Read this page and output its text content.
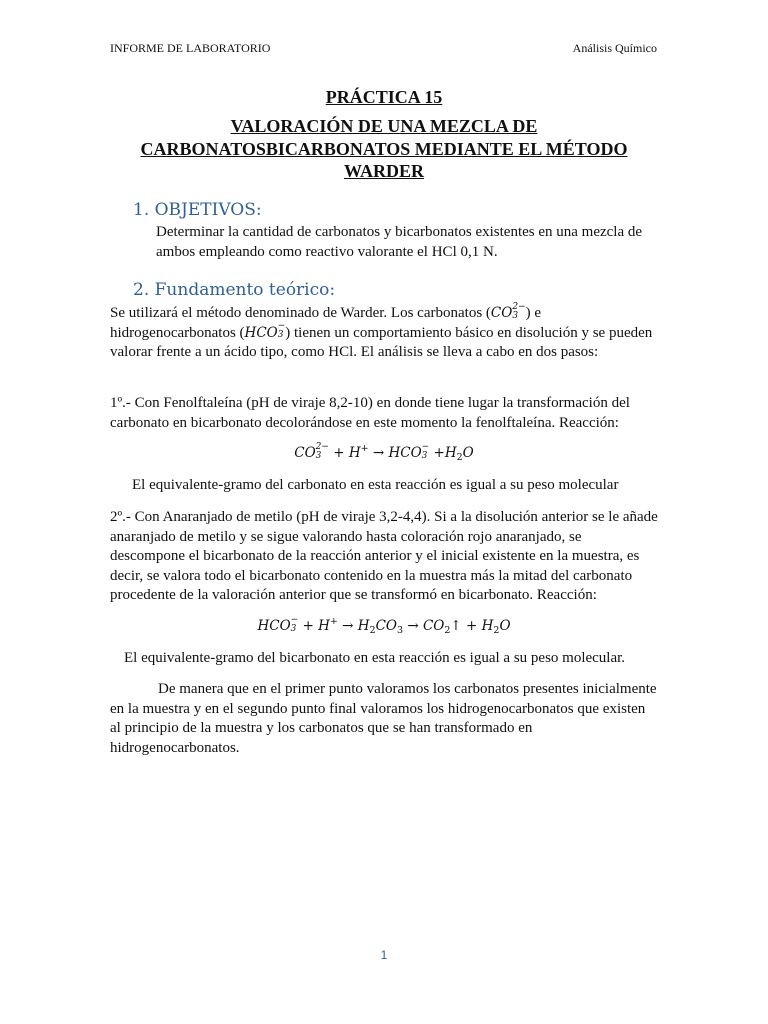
INFORME DE LABORATORIO	Análisis Químico
PRÁCTICA 15
VALORACIÓN DE UNA MEZCLA DE CARBONATOSBICARBONATOS MEDIANTE EL MÉTODO WARDER
1. OBJETIVOS:

Determinar la cantidad de carbonatos y bicarbonatos existentes en una mezcla de ambos empleando como reactivo valorante el HCl 0,1 N.

2. Fundamento teórico:

Se utilizará el método denominado de Warder. Los carbonatos (CO 2−
3 ) e hidrogenocarbonatos (HCO −
3 ) tienen un comportamiento básico en disolución y se pueden valorar frente a un ácido tipo, como HCl. El análisis se lleva a cabo en dos pasos:

1º.- Con Fenolftaleína (pH de viraje 8,2-10) en donde tiene lugar la transformación del carbonato en bicarbonato decolorándose en este momento la fenolftaleína. Reacción:

CO 2−
3 + H+ → HCO −
$3 +H_2O$

El equivalente-gramo del carbonato en esta reacción es igual a su peso molecular

2º.- Con Anaranjado de metilo (pH de viraje 3,2-4,4). Si a la disolución anterior se le añade anaranjado de metilo y se sigue valorando hasta coloración rojo anaranjado, se descompone el bicarbonato de la reacción anterior y el inicial existente en la muestra, es decir, se valora todo el bicarbonato contenido en la muestra más la mitad del carbonato procedente de la valoración anterior que se transformó en bicarbonato. Reacción:

HCO −
$3 + H^+ \to H_2CO_3$ → $CO_2↑ + H_2O$

El equivalente-gramo del bicarbonato en esta reacción es igual a su peso molecular.

De manera que en el primer punto valoramos los carbonatos presentes inicialmente en la muestra y en el segundo punto final valoramos los hidrogenocarbonatos que existen al principio de la muestra y los carbonatos que se han transformado en hidrogenocarbonatos.

1
